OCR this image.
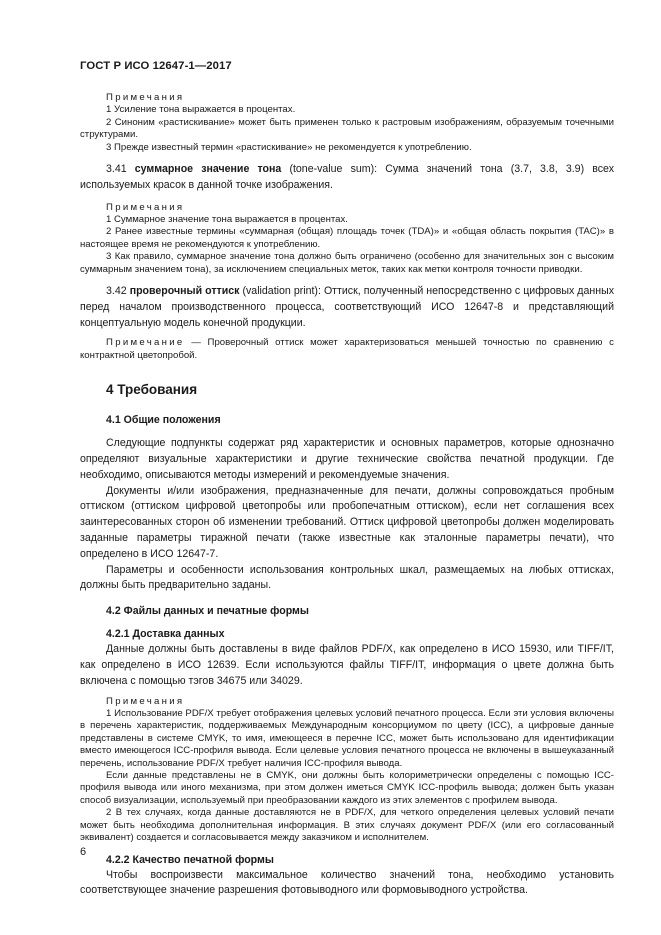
ГОСТ Р ИСО 12647-1—2017

Примечания

1 Усиление тона выражается в процентах.

2 Синоним «растискивание» может быть применен только к растровым изображениям, образуемым точечными структурами.

3 Прежде известный термин «растискивание» не рекомендуется к употреблению.

3.41 суммарное значение тона (tone-value sum): Сумма значений тона (3.7, 3.8, 3.9) всех используемых красок в данной точке изображения.

Примечания

1 Суммарное значение тона выражается в процентах.

2 Ранее известные термины «суммарная (общая) площадь точек (TDA)» и «общая область покрытия (TAC)» в настоящее время не рекомендуются к употреблению.

3 Как правило, суммарное значение тона должно быть ограничено (особенно для значительных зон с высоким суммарным значением тона), за исключением специальных меток, таких как метки контроля точности приводки.

3.42 проверочный оттиск (validation print): Оттиск, полученный непосредственно с цифровых данных перед началом производственного процесса, соответствующий ИСО 12647-8 и представляющий концептуальную модель конечной продукции.

Примечание — Проверочный оттиск может характеризоваться меньшей точностью по сравнению с контрактной цветопробой.

4 Требования
4.1 Общие положения

Следующие подпункты содержат ряд характеристик и основных параметров, которые однозначно определяют визуальные характеристики и другие технические свойства печатной продукции. Где необходимо, описываются методы измерений и рекомендуемые значения.

Документы и/или изображения, предназначенные для печати, должны сопровождаться пробным оттиском (оттиском цифровой цветопробы или пробопечатным оттиском), если нет соглашения всех заинтересованных сторон об изменении требований. Оттиск цифровой цветопробы должен моделировать заданные параметры тиражной печати (также известные как эталонные параметры печати), что определено в ИСО 12647-7.

Параметры и особенности использования контрольных шкал, размещаемых на любых оттисках, должны быть предварительно заданы.

4.2 Файлы данных и печатные формы
4.2.1 Доставка данных

Данные должны быть доставлены в виде файлов PDF/X, как определено в ИСО 15930, или TIFF/IT, как определено в ИСО 12639. Если используются файлы TIFF/IT, информация о цвете должна быть включена с помощью тэгов 34675 или 34029.

Примечания

1 Использование PDF/X требует отображения целевых условий печатного процесса. Если эти условия включены в перечень характеристик, поддерживаемых Международным консорциумом по цвету (ICC), а цифровые данные представлены в системе CMYK, то имя, имеющееся в перечне ICC, может быть использовано для идентификации вместо имеющегося ICC-профиля вывода. Если целевые условия печатного процесса не включены в вышеуказанный перечень, использование PDF/X требует наличия ICC-профиля вывода.

Если данные представлены не в CMYK, они должны быть колориметрически определены с помощью ICC-профиля вывода или иного механизма, при этом должен иметься CMYK ICC-профиль вывода; должен быть указан способ визуализации, используемый при преобразовании каждого из этих элементов с профилем вывода.

2 В тех случаях, когда данные доставляются не в PDF/X, для четкого определения целевых условий печати может быть необходима дополнительная информация. В этих случаях документ PDF/X (или его согласованный эквивалент) создается и согласовывается между заказчиком и исполнителем.

4.2.2 Качество печатной формы

Чтобы воспроизвести максимальное количество значений тона, необходимо установить соответствующее значение разрешения фотовыводного или формовыводного устройства.

6
